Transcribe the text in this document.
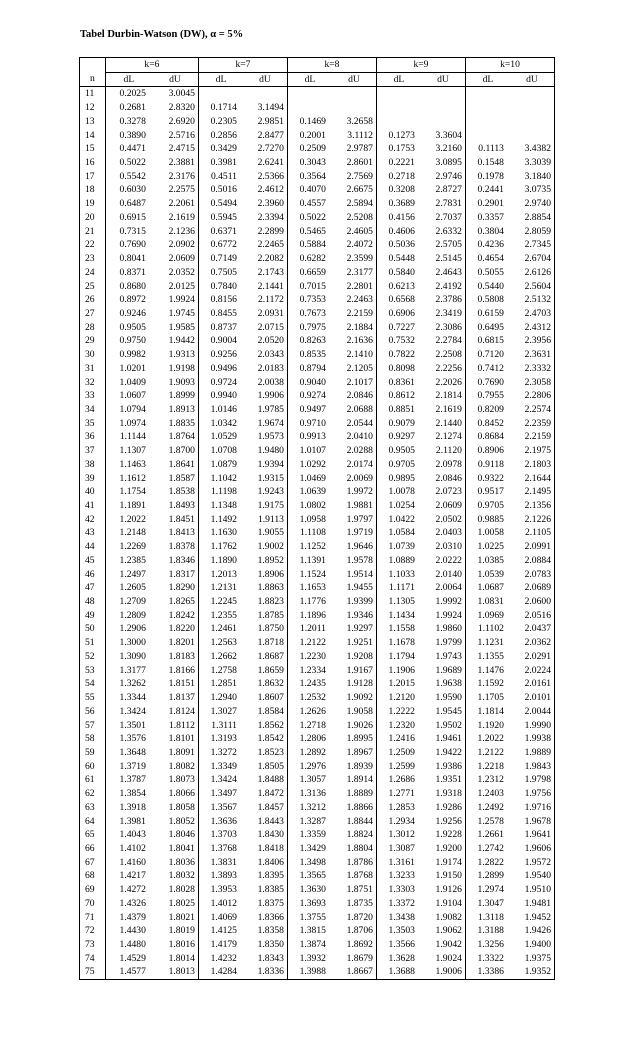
Tabel Durbin-Watson (DW), α = 5%
	k=6		k=7		k=8		k=9		k=10	
n	dL	dU	dL	dU	dL	dU	dL	dU	dL	dU
11	0.2025	3.0045								
12	0.2681	2.8320	0.1714	3.1494						
13	0.3278	2.6920	0.2305	2.9851	0.1469	3.2658				
14	0.3890	2.5716	0.2856	2.8477	0.2001	3.1112	0.1273	3.3604		
15	0.4471	2.4715	0.3429	2.7270	0.2509	2.9787	0.1753	3.2160	0.1113	3.4382
16	0.5022	2.3881	0.3981	2.6241	0.3043	2.8601	0.2221	3.0895	0.1548	3.3039
17	0.5542	2.3176	0.4511	2.5366	0.3564	2.7569	0.2718	2.9746	0.1978	3.1840
18	0.6030	2.2575	0.5016	2.4612	0.4070	2.6675	0.3208	2.8727	0.2441	3.0735
19	0.6487	2.2061	0.5494	2.3960	0.4557	2.5894	0.3689	2.7831	0.2901	2.9740
20	0.6915	2.1619	0.5945	2.3394	0.5022	2.5208	0.4156	2.7037	0.3357	2.8854
21	0.7315	2.1236	0.6371	2.2899	0.5465	2.4605	0.4606	2.6332	0.3804	2.8059
22	0.7690	2.0902	0.6772	2.2465	0.5884	2.4072	0.5036	2.5705	0.4236	2.7345
23	0.8041	2.0609	0.7149	2.2082	0.6282	2.3599	0.5448	2.5145	0.4654	2.6704
24	0.8371	2.0352	0.7505	2.1743	0.6659	2.3177	0.5840	2.4643	0.5055	2.6126
25	0.8680	2.0125	0.7840	2.1441	0.7015	2.2801	0.6213	2.4192	0.5440	2.5604
26	0.8972	1.9924	0.8156	2.1172	0.7353	2.2463	0.6568	2.3786	0.5808	2.5132
27	0.9246	1.9745	0.8455	2.0931	0.7673	2.2159	0.6906	2.3419	0.6159	2.4703
28	0.9505	1.9585	0.8737	2.0715	0.7975	2.1884	0.7227	2.3086	0.6495	2.4312
29	0.9750	1.9442	0.9004	2.0520	0.8263	2.1636	0.7532	2.2784	0.6815	2.3956
30	0.9982	1.9313	0.9256	2.0343	0.8535	2.1410	0.7822	2.2508	0.7120	2.3631
31	1.0201	1.9198	0.9496	2.0183	0.8794	2.1205	0.8098	2.2256	0.7412	2.3332
32	1.0409	1.9093	0.9724	2.0038	0.9040	2.1017	0.8361	2.2026	0.7690	2.3058
33	1.0607	1.8999	0.9940	1.9906	0.9274	2.0846	0.8612	2.1814	0.7955	2.2806
34	1.0794	1.8913	1.0146	1.9785	0.9497	2.0688	0.8851	2.1619	0.8209	2.2574
35	1.0974	1.8835	1.0342	1.9674	0.9710	2.0544	0.9079	2.1440	0.8452	2.2359
36	1.1144	1.8764	1.0529	1.9573	0.9913	2.0410	0.9297	2.1274	0.8684	2.2159
37	1.1307	1.8700	1.0708	1.9480	1.0107	2.0288	0.9505	2.1120	0.8906	2.1975
38	1.1463	1.8641	1.0879	1.9394	1.0292	2.0174	0.9705	2.0978	0.9118	2.1803
39	1.1612	1.8587	1.1042	1.9315	1.0469	2.0069	0.9895	2.0846	0.9322	2.1644
40	1.1754	1.8538	1.1198	1.9243	1.0639	1.9972	1.0078	2.0723	0.9517	2.1495
41	1.1891	1.8493	1.1348	1.9175	1.0802	1.9881	1.0254	2.0609	0.9705	2.1356
42	1.2022	1.8451	1.1492	1.9113	1.0958	1.9797	1.0422	2.0502	0.9885	2.1226
43	1.2148	1.8413	1.1630	1.9055	1.1108	1.9719	1.0584	2.0403	1.0058	2.1105
44	1.2269	1.8378	1.1762	1.9002	1.1252	1.9646	1.0739	2.0310	1.0225	2.0991
45	1.2385	1.8346	1.1890	1.8952	1.1391	1.9578	1.0889	2.0222	1.0385	2.0884
46	1.2497	1.8317	1.2013	1.8906	1.1524	1.9514	1.1033	2.0140	1.0539	2.0783
47	1.2605	1.8290	1.2131	1.8863	1.1653	1.9455	1.1171	2.0064	1.0687	2.0689
48	1.2709	1.8265	1.2245	1.8823	1.1776	1.9399	1.1305	1.9992	1.0831	2.0600
49	1.2809	1.8242	1.2355	1.8785	1.1896	1.9346	1.1434	1.9924	1.0969	2.0516
50	1.2906	1.8220	1.2461	1.8750	1.2011	1.9297	1.1558	1.9860	1.1102	2.0437
51	1.3000	1.8201	1.2563	1.8718	1.2122	1.9251	1.1678	1.9799	1.1231	2.0362
52	1.3090	1.8183	1.2662	1.8687	1.2230	1.9208	1.1794	1.9743	1.1355	2.0291
53	1.3177	1.8166	1.2758	1.8659	1.2334	1.9167	1.1906	1.9689	1.1476	2.0224
54	1.3262	1.8151	1.2851	1.8632	1.2435	1.9128	1.2015	1.9638	1.1592	2.0161
55	1.3344	1.8137	1.2940	1.8607	1.2532	1.9092	1.2120	1.9590	1.1705	2.0101
56	1.3424	1.8124	1.3027	1.8584	1.2626	1.9058	1.2222	1.9545	1.1814	2.0044
57	1.3501	1.8112	1.3111	1.8562	1.2718	1.9026	1.2320	1.9502	1.1920	1.9990
58	1.3576	1.8101	1.3193	1.8542	1.2806	1.8995	1.2416	1.9461	1.2022	1.9938
59	1.3648	1.8091	1.3272	1.8523	1.2892	1.8967	1.2509	1.9422	1.2122	1.9889
60	1.3719	1.8082	1.3349	1.8505	1.2976	1.8939	1.2599	1.9386	1.2218	1.9843
61	1.3787	1.8073	1.3424	1.8488	1.3057	1.8914	1.2686	1.9351	1.2312	1.9798
62	1.3854	1.8066	1.3497	1.8472	1.3136	1.8889	1.2771	1.9318	1.2403	1.9756
63	1.3918	1.8058	1.3567	1.8457	1.3212	1.8866	1.2853	1.9286	1.2492	1.9716
64	1.3981	1.8052	1.3636	1.8443	1.3287	1.8844	1.2934	1.9256	1.2578	1.9678
65	1.4043	1.8046	1.3703	1.8430	1.3359	1.8824	1.3012	1.9228	1.2661	1.9641
66	1.4102	1.8041	1.3768	1.8418	1.3429	1.8804	1.3087	1.9200	1.2742	1.9606
67	1.4160	1.8036	1.3831	1.8406	1.3498	1.8786	1.3161	1.9174	1.2822	1.9572
68	1.4217	1.8032	1.3893	1.8395	1.3565	1.8768	1.3233	1.9150	1.2899	1.9540
69	1.4272	1.8028	1.3953	1.8385	1.3630	1.8751	1.3303	1.9126	1.2974	1.9510
70	1.4326	1.8025	1.4012	1.8375	1.3693	1.8735	1.3372	1.9104	1.3047	1.9481
71	1.4379	1.8021	1.4069	1.8366	1.3755	1.8720	1.3438	1.9082	1.3118	1.9452
72	1.4430	1.8019	1.4125	1.8358	1.3815	1.8706	1.3503	1.9062	1.3188	1.9426
73	1.4480	1.8016	1.4179	1.8350	1.3874	1.8692	1.3566	1.9042	1.3256	1.9400
74	1.4529	1.8014	1.4232	1.8343	1.3932	1.8679	1.3628	1.9024	1.3322	1.9375
75	1.4577	1.8013	1.4284	1.8336	1.3988	1.8667	1.3688	1.9006	1.3386	1.9352
